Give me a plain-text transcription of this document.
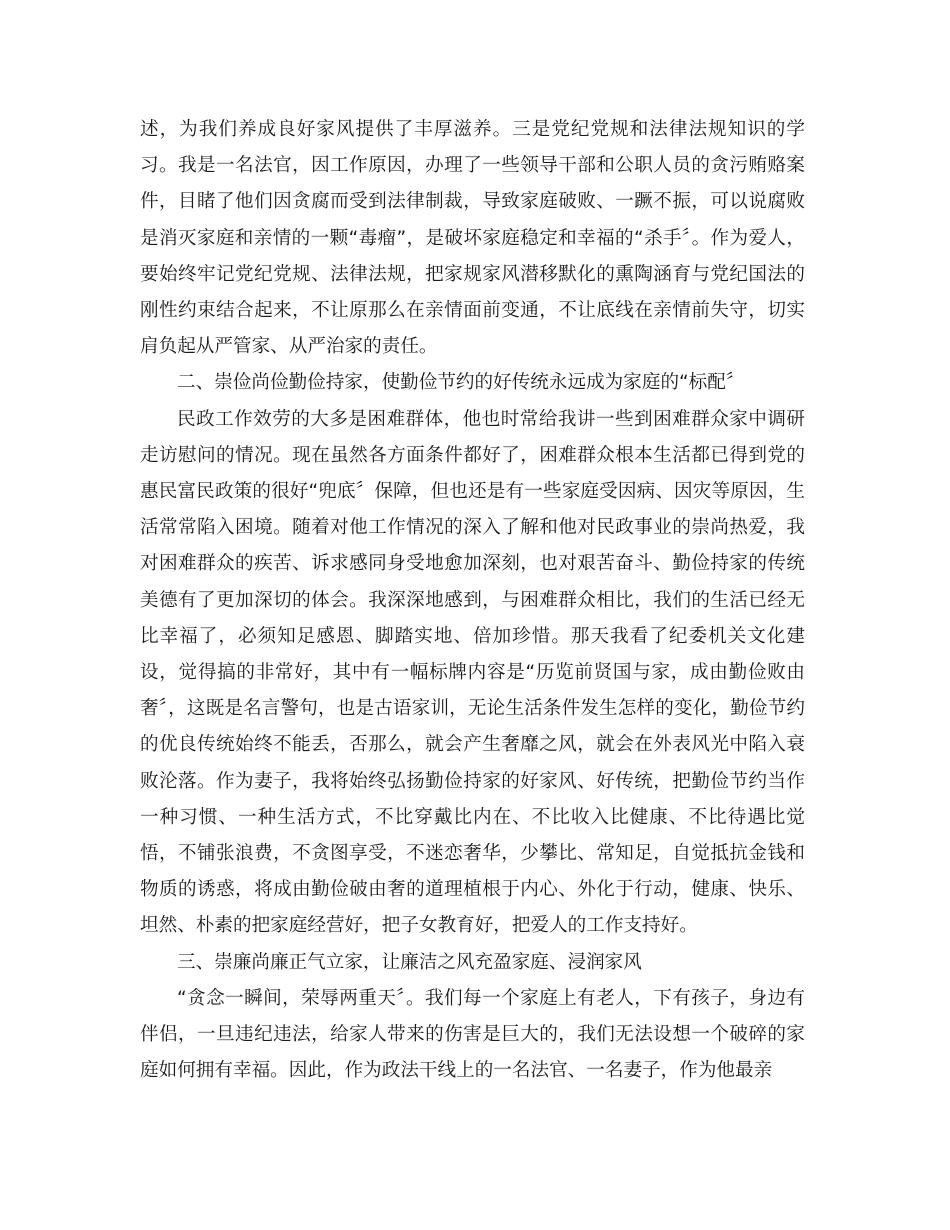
述，为我们养成良好家风提供了丰厚滋养。三是党纪党规和法律法规知识的学习。我是一名法官，因工作原因，办理了一些领导干部和公职人员的贪污贿赂案件，目睹了他们因贪腐而受到法律制裁，导致家庭破败、一蹶不振，可以说腐败是消灭家庭和亲情的一颗“毒瘤”，是破坏家庭稳定和幸福的“杀手〞。作为爱人，要始终牢记党纪党规、法律法规，把家规家风潜移默化的熏陶涵育与党纪国法的刚性约束结合起来，不让原那么在亲情面前变通，不让底线在亲情前失守，切实肩负起从严管家、从严治家的责任。

二、崇俭尚俭勤俭持家，使勤俭节约的好传统永远成为家庭的“标配〞

民政工作效劳的大多是困难群体，他也时常给我讲一些到困难群众家中调研走访慰问的情况。现在虽然各方面条件都好了，困难群众根本生活都已得到党的惠民富民政策的很好“兜底〞保障，但也还是有一些家庭受因病、因灾等原因，生活常常陷入困境。随着对他工作情况的深入了解和他对民政事业的崇尚热爱，我对困难群众的疾苦、诉求感同身受地愈加深刻，也对艰苦奋斗、勤俭持家的传统美德有了更加深切的体会。我深深地感到，与困难群众相比，我们的生活已经无比幸福了，必须知足感恩、脚踏实地、倍加珍惜。那天我看了纪委机关文化建设，觉得搞的非常好，其中有一幅标牌内容是“历览前贤国与家，成由勤俭败由奢〞，这既是名言警句，也是古语家训，无论生活条件发生怎样的变化，勤俭节约的优良传统始终不能丢，否那么，就会产生奢靡之风，就会在外表风光中陷入衰败沦落。作为妻子，我将始终弘扬勤俭持家的好家风、好传统，把勤俭节约当作一种习惯、一种生活方式，不比穿戴比内在、不比收入比健康、不比待遇比觉悟，不铺张浪费，不贪图享受，不迷恋奢华，少攀比、常知足，自觉抵抗金钱和物质的诱惑，将成由勤俭破由奢的道理植根于内心、外化于行动，健康、快乐、坦然、朴素的把家庭经营好，把子女教育好，把爱人的工作支持好。

三、崇廉尚廉正气立家，让廉洁之风充盈家庭、浸润家风

“贪念一瞬间，荣辱两重天〞。我们每一个家庭上有老人，下有孩子，身边有伴侣，一旦违纪违法，给家人带来的伤害是巨大的，我们无法设想一个破碎的家庭如何拥有幸福。因此，作为政法干线上的一名法官、一名妻子，作为他最亲
